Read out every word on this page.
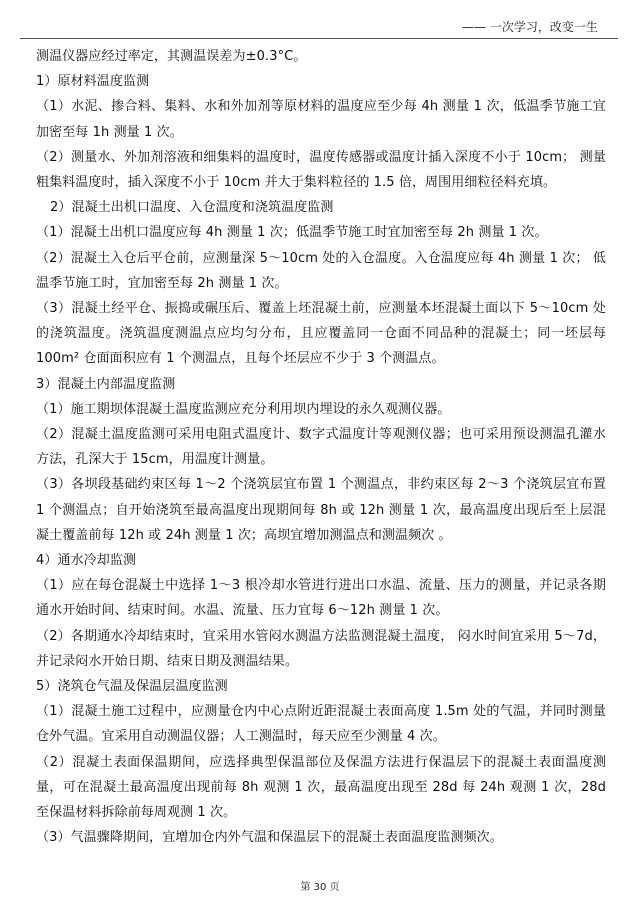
—— 一次学习，改变一生

测温仪器应经过率定，其测温误差为±0.3°C。

1）原材料温度监测

（1）水泥、掺合料、集料、水和外加剂等原材料的温度应至少每 4h 测量 1 次，低温季节施工宜加密至每 1h 测量 1 次。

（2）测量水、外加剂溶液和细集料的温度时，温度传感器或温度计插入深度不小于 10cm； 测量粗集料温度时，插入深度不小于 10cm 并大于集料粒径的 1.5 倍，周围用细粒径料充填。

2）混凝土出机口温度、入仓温度和浇筑温度监测

（1）混凝土出机口温度应每 4h 测量 1 次；低温季节施工时宜加密至每 2h 测量 1 次。

（2）混凝土入仓后平仓前，应测量深 5～10cm 处的入仓温度。入仓温度应每 4h 测量 1 次； 低温季节施工时，宜加密至每 2h 测量 1 次。

（3）混凝土经平仓、振捣或碾压后、覆盖上坯混凝土前，应测量本坯混凝土面以下 5～10cm 处的浇筑温度。浇筑温度测温点应均匀分布，且应覆盖同一仓面不同品种的混凝土；同一坯层每 100m² 仓面面积应有 1 个测温点，且每个坯层应不少于 3 个测温点。

3）混凝土内部温度监测

（1）施工期坝体混凝土温度监测应充分利用坝内埋设的永久观测仪器。

（2）混凝土温度监测可采用电阻式温度计、数字式温度计等观测仪器；也可采用预设测温孔灌水方法，孔深大于 15cm，用温度计测量。

（3）各坝段基础约束区每 1～2 个浇筑层宜布置 1 个测温点，非约束区每 2～3 个浇筑层宜布置 1 个测温点；自开始浇筑至最高温度出现期间每 8h 或 12h 测量 1 次，最高温度出现后至上层混凝土覆盖前每 12h 或 24h 测量 1 次；高坝宜增加测温点和测温频次 。

4）通水冷却监测

（1）应在每仓混凝土中选择 1～3 根冷却水管进行进出口水温、流量、压力的测量，并记录各期通水开始时间、结束时间。水温、流量、压力宜每 6～12h 测量 1 次。

（2）各期通水冷却结束时，宜采用水管闷水测温方法监测混凝土温度， 闷水时间宜采用 5～7d，并记录闷水开始日期、结束日期及测温结果。

5）浇筑仓气温及保温层温度监测

（1）混凝土施工过程中，应测量仓内中心点附近距混凝土表面高度 1.5m 处的气温，并同时测量仓外气温。宜采用自动测温仪器；人工测温时，每天应至少测量 4 次。

（2）混凝土表面保温期间，应选择典型保温部位及保温方法进行保温层下的混凝土表面温度测量，可在混凝土最高温度出现前每 8h 观测 1 次，最高温度出现至 28d 每 24h 观测 1 次，28d 至保温材料拆除前每周观测 1 次。

（3）气温骤降期间，宜增加仓内外气温和保温层下的混凝土表面温度监测频次。

第 30 页
